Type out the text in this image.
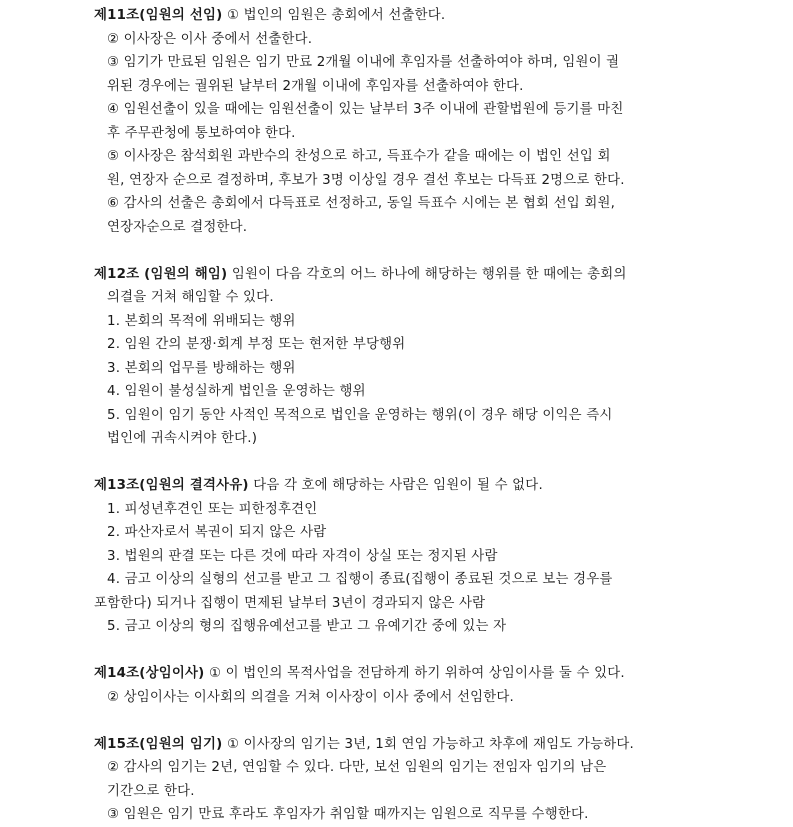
제11조(임원의 선임) ① 법인의 임원은 총회에서 선출한다.
② 이사장은 이사 중에서 선출한다.
③ 임기가 만료된 임원은 임기 만료 2개월 이내에 후임자를 선출하여야 하며, 임원이 궐
위된 경우에는 궐위된 날부터 2개월 이내에 후임자를 선출하여야 한다.
④ 임원선출이 있을 때에는 임원선출이 있는 날부터 3주 이내에 관할법원에 등기를 마친
후 주무관청에 통보하여야 한다.
⑤ 이사장은 참석회원 과반수의 찬성으로 하고, 득표수가 같을 때에는 이 법인 선입 회
원, 연장자 순으로 결정하며, 후보가 3명 이상일 경우 결선 후보는 다득표 2명으로 한다.
⑥ 감사의 선출은 총회에서 다득표로 선정하고, 동일 득표수 시에는 본 협회 선입 회원,
연장자순으로 결정한다.
제12조 (임원의 해임) 임원이 다음 각호의 어느 하나에 해당하는 행위를 한 때에는 총회의
의결을 거쳐 해임할 수 있다.
1. 본회의 목적에 위배되는 행위
2. 임원 간의 분쟁·회계 부정 또는 현저한 부당행위
3. 본회의 업무를 방해하는 행위
4. 임원이 불성실하게 법인을 운영하는 행위
5. 임원이 임기 동안 사적인 목적으로 법인을 운영하는 행위(이 경우 해당 이익은 즉시
법인에 귀속시켜야 한다.)
제13조(임원의 결격사유) 다음 각 호에 해당하는 사람은 임원이 될 수 없다.
1. 피성년후견인 또는 피한정후견인
2. 파산자로서 복권이 되지 않은 사람
3. 법원의 판결 또는 다른 것에 따라 자격이 상실 또는 정지된 사람
4. 금고 이상의 실형의 선고를 받고 그 집행이 종료(집행이 종료된 것으로 보는 경우를
포함한다) 되거나 집행이 면제된 날부터 3년이 경과되지 않은 사람
5. 금고 이상의 형의 집행유예선고를 받고 그 유예기간 중에 있는 자
제14조(상임이사) ① 이 법인의 목적사업을 전담하게 하기 위하여 상임이사를 둘 수 있다.
② 상임이사는 이사회의 의결을 거쳐 이사장이 이사 중에서 선임한다.
제15조(임원의 임기) ① 이사장의 임기는 3년, 1회 연임 가능하고 차후에 재임도 가능하다.
② 감사의 임기는 2년, 연임할 수 있다. 다만, 보선 임원의 임기는 전임자 임기의 남은
기간으로 한다.
③ 임원은 임기 만료 후라도 후임자가 취임할 때까지는 임원으로 직무를 수행한다.
